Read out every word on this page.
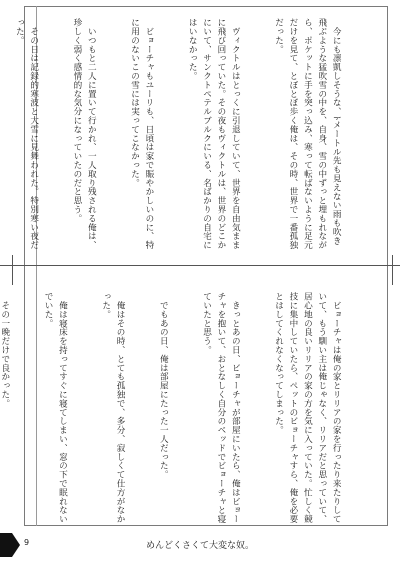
　今にも凛凱しそうな、ﾄメートル先も見えない雨も吹き飛ぶような猛吹雪の中を、自身、雪の中ずっと埋もれながら、ポケットに手を突っ込み、寒って転ばないように足元だけを見て、とぼとぼ歩く俺は、その時、世界で一番孤独だった。

　ヴィクトルはとっくに引退していて、世界を自由気ままに飛び回っていた。その夜もヴィクトルは、世界のどこかにいて、サンクトペテルブルクにいる、名ばかりの自宅にはいなかった。

　ビョーチャもユーリも、日頃は家で賑やかしいのに、特に用のないこの雪には実ってこなかった。

　いつもと二人に置いて行かれ、一人取り残される俺は、珍しく弱く感情的な気分になっていたのだと思う。

　その日は記録的寒波と大雪に見舞われた。特別寒い夜だった。

　ビョーチャは俺の家とリリアの家を行ったり来たりしていて、もう馴い主は俺じゃなく、リリアだと思っていて、居心地の良いリリアの家の方を気に入っていた。忙しく競技に集中していたら、ペットのビョーチャすら、俺を必要とはしてくれなくなってしまった。

　きっとあの日、ビョーチャが部屋にいたら、俺はビョーチャを抱いて、おとなしく自分のベッドでビョーチャと寝ていたと思う。

　でもあの日、俺は部屋にたった一人だった。

　俺はその時、とても孤独で、多分、寂しくて仕方がなかった。

　俺は寝床を持ってすぐに寝てしまい、窓の下で眠れないでいた。

　その一晩だけで良かった。

9	めんどくさくて大変な奴。
